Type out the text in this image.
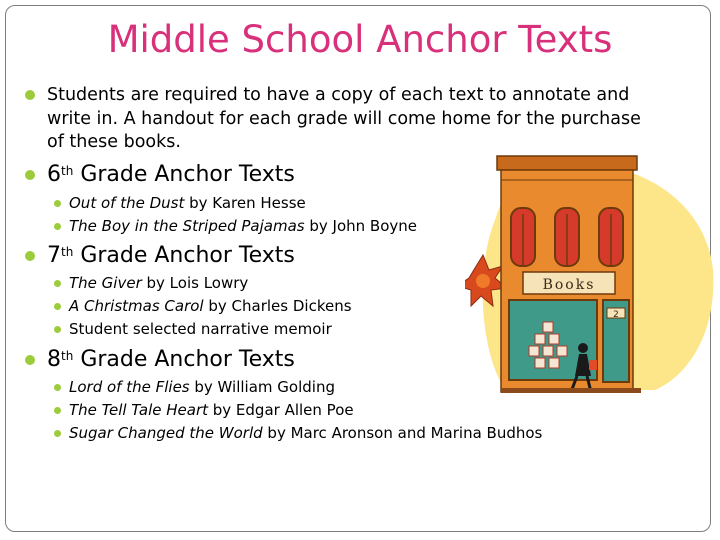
Middle School Anchor Texts
Students are required to have a copy of each text to annotate and write in. A handout for each grade will come home for the purchase of these books.
6th Grade Anchor Texts
Out of the Dust by Karen Hesse
The Boy in the Striped Pajamas by John Boyne
7th Grade Anchor Texts
The Giver by Lois Lowry
A Christmas Carol by Charles Dickens
Student selected narrative memoir
8th Grade Anchor Texts
Lord of the Flies by William Golding
The Tell Tale Heart by Edgar Allen Poe
Sugar Changed the World by Marc Aronson and Marina Budhos
Books
2
